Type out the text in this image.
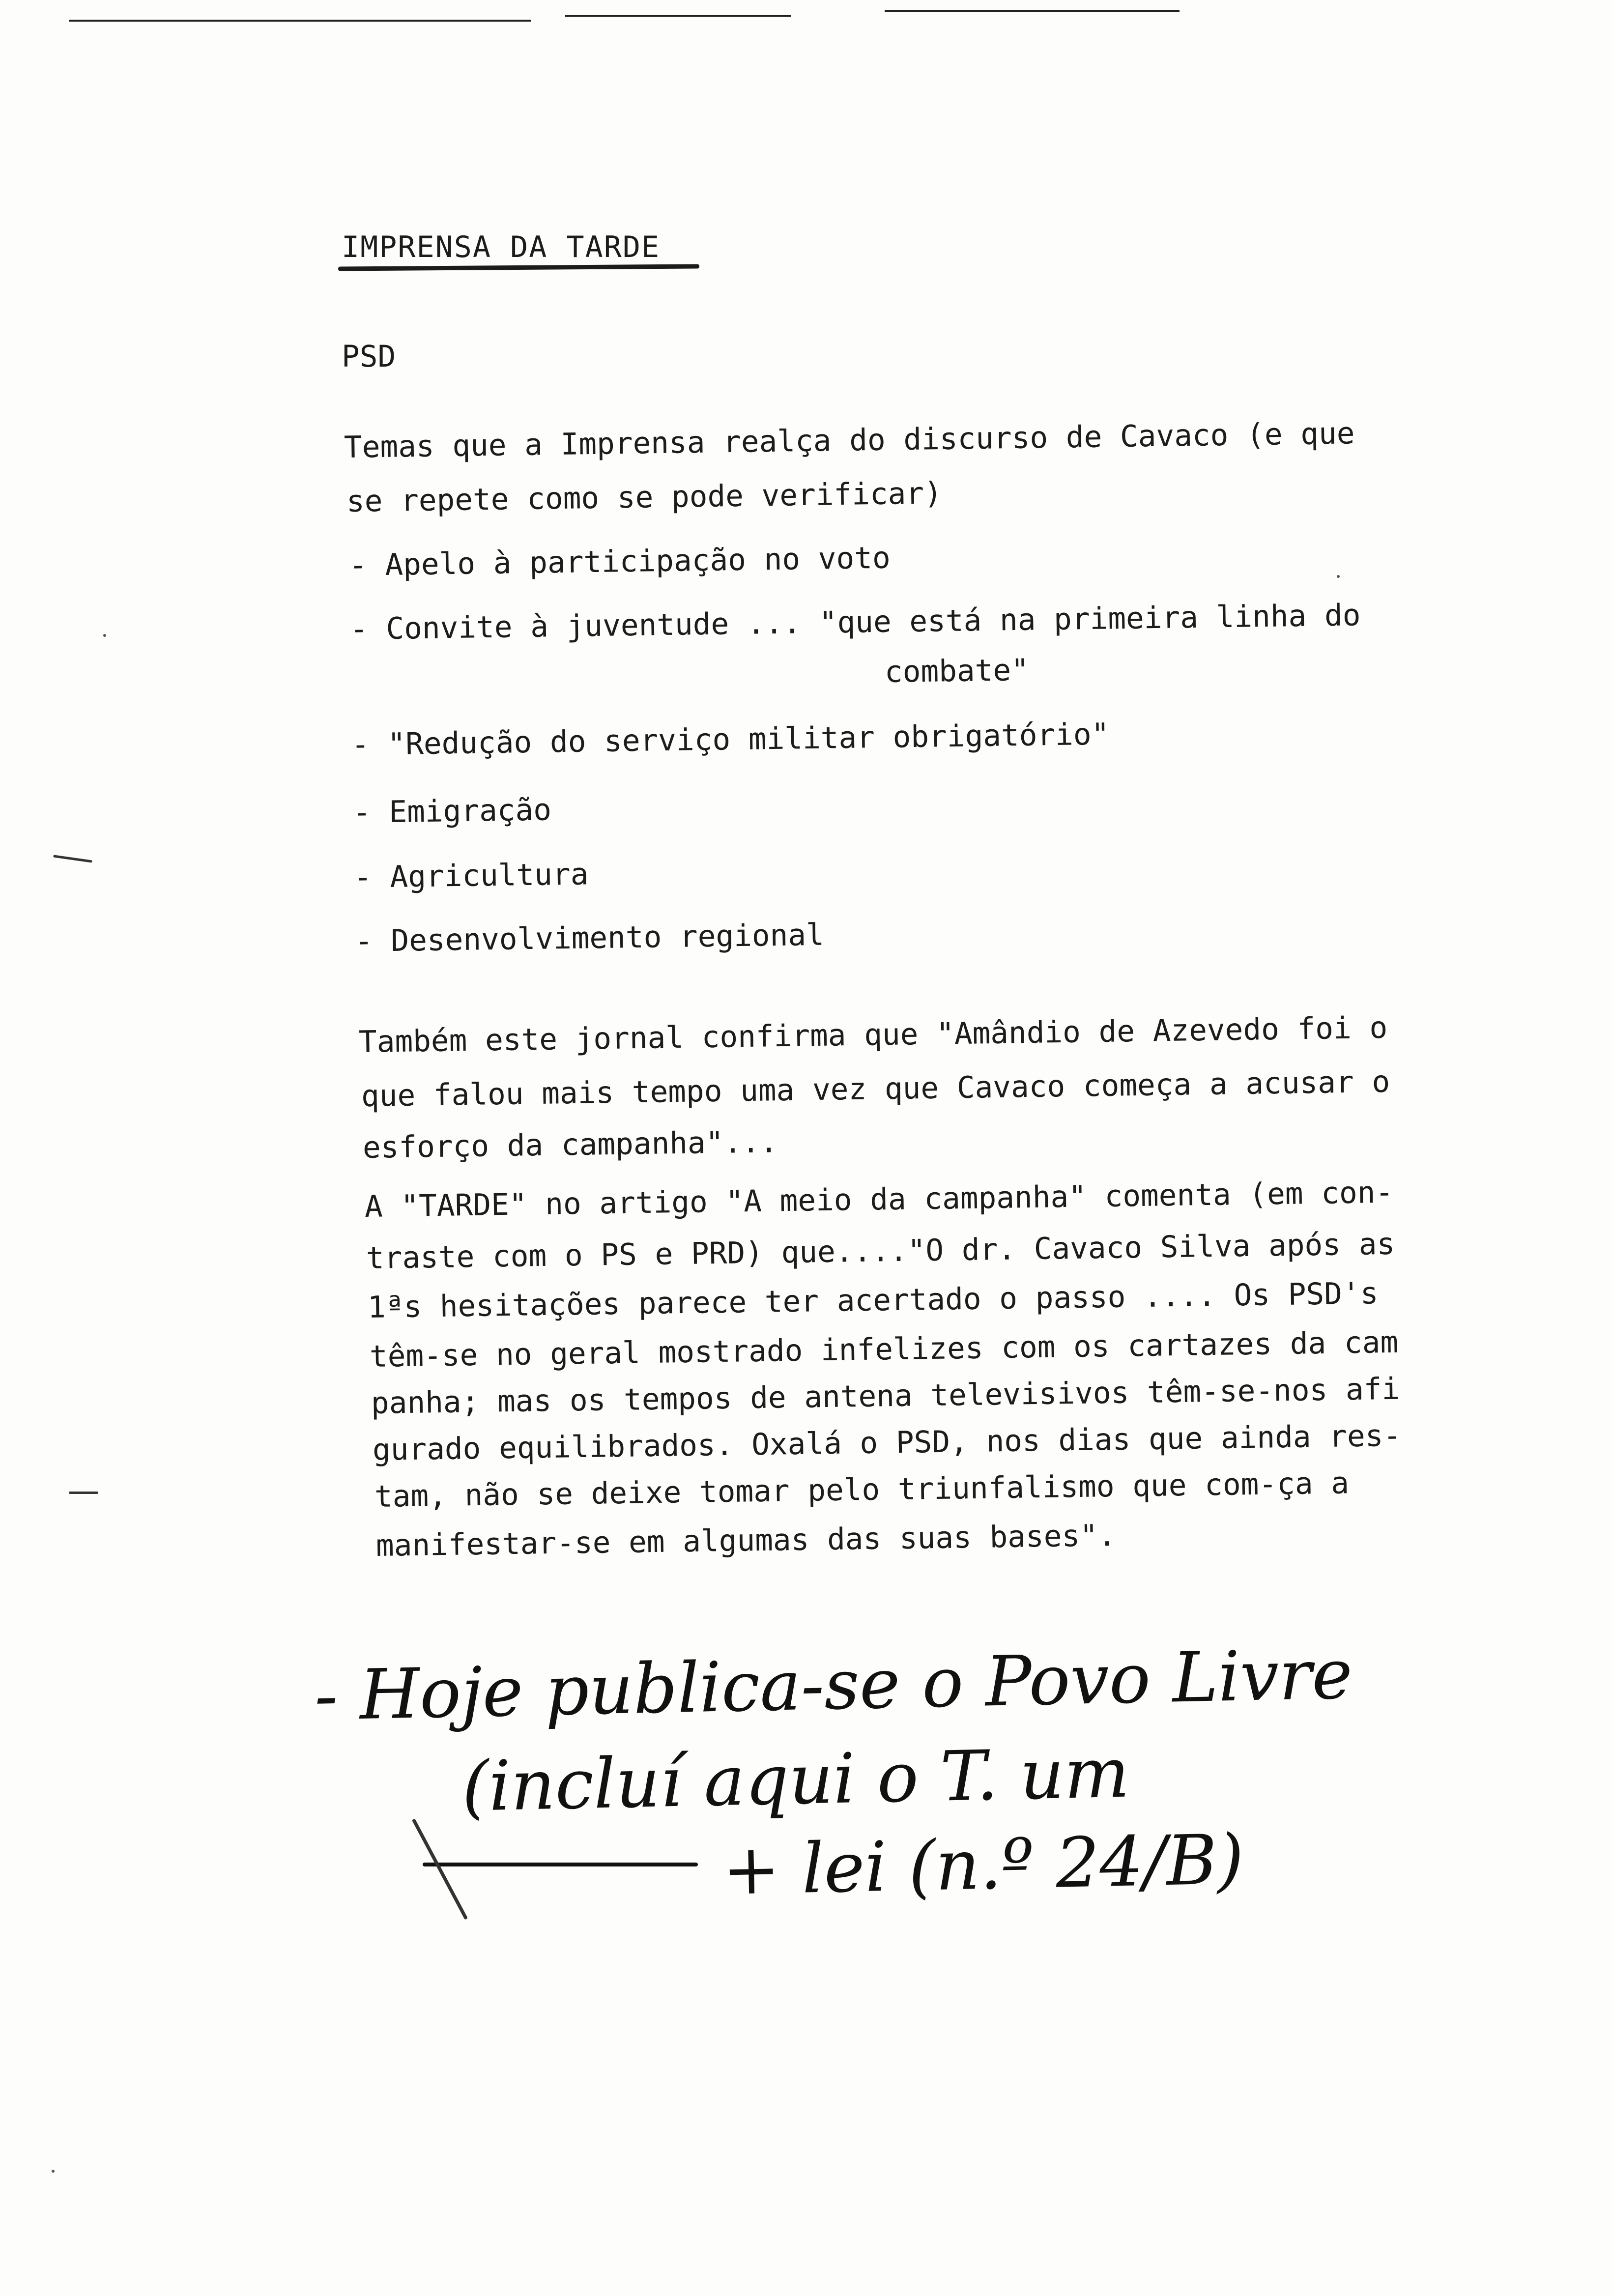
IMPRENSA DA TARDE
PSD
Temas que a Imprensa realça do discurso de Cavaco (e que
se repete como se pode verificar)
- Apelo à participação no voto
- Convite à juventude ... "que está na primeira linha do
combate"
- "Redução do serviço militar obrigatório"
- Emigração
- Agricultura
- Desenvolvimento regional
Também este jornal confirma que "Amândio de Azevedo foi o
que falou mais tempo uma vez que Cavaco começa a acusar o
esforço da campanha"...
A "TARDE" no artigo "A meio da campanha" comenta (em con-
traste com o PS e PRD) que...."O dr. Cavaco Silva após as
1ªs hesitações parece ter acertado o passo .... Os PSD's
têm-se no geral mostrado infelizes com os cartazes da cam
panha; mas os tempos de antena televisivos têm-se-nos afi
gurado equilibrados. Oxalá o PSD, nos dias que ainda res-
tam, não se deixe tomar pelo triunfalismo que com-ça a
manifestar-se em algumas das suas bases".
- Hoje publica-se o Povo Livre
(incluí aqui o T. um
+ lei (n.º 24/B)
